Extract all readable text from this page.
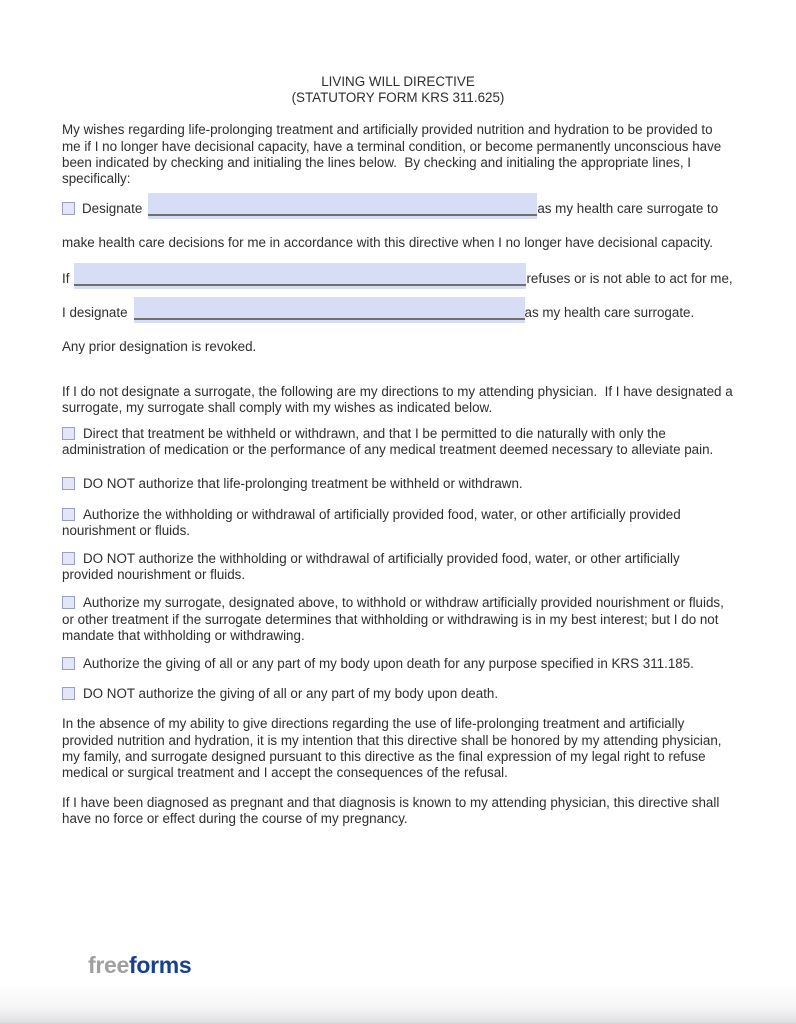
LIVING WILL DIRECTIVE
(STATUTORY FORM KRS 311.625)

My wishes regarding life-prolonging treatment and artificially provided nutrition and hydration to be provided to me if I no longer have decisional capacity, have a terminal condition, or become permanently unconscious have been indicated by checking and initialing the lines below.  By checking and initialing the appropriate lines, I specifically:

Designate	as my health care surrogate to

make health care decisions for me in accordance with this directive when I no longer have decisional capacity.

If	refuses or is not able to act for me,
I designate	as my health care surrogate.

Any prior designation is revoked.

If I do not designate a surrogate, the following are my directions to my attending physician.  If I have designated a surrogate, my surrogate shall comply with my wishes as indicated below.

Direct that treatment be withheld or withdrawn, and that I be permitted to die naturally with only the administration of medication or the performance of any medical treatment deemed necessary to alleviate pain.
DO NOT authorize that life-prolonging treatment be withheld or withdrawn.
Authorize the withholding or withdrawal of artificially provided food, water, or other artificially provided nourishment or fluids.
DO NOT authorize the withholding or withdrawal of artificially provided food, water, or other artificially provided nourishment or fluids.
Authorize my surrogate, designated above, to withhold or withdraw artificially provided nourishment or fluids, or other treatment if the surrogate determines that withholding or withdrawing is in my best interest; but I do not mandate that withholding or withdrawing.
Authorize the giving of all or any part of my body upon death for any purpose specified in KRS 311.185.
DO NOT authorize the giving of all or any part of my body upon death.

In the absence of my ability to give directions regarding the use of life-prolonging treatment and artificially provided nutrition and hydration, it is my intention that this directive shall be honored by my attending physician, my family, and surrogate designed pursuant to this directive as the final expression of my legal right to refuse medical or surgical treatment and I accept the consequences of the refusal.

If I have been diagnosed as pregnant and that diagnosis is known to my attending physician, this directive shall have no force or effect during the course of my pregnancy.

freeforms
